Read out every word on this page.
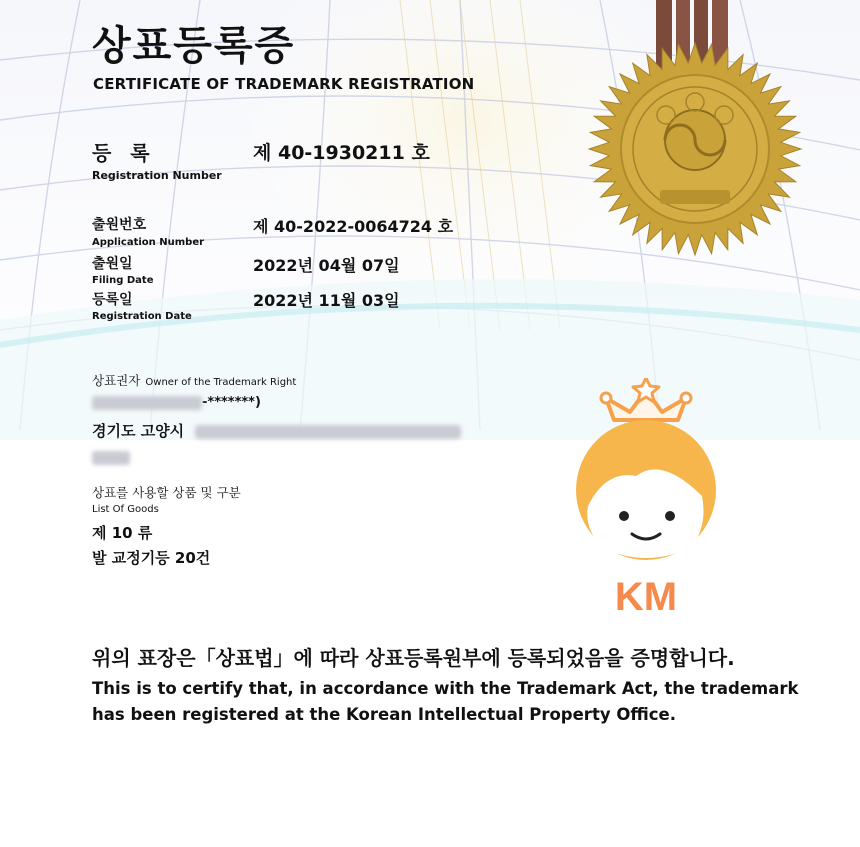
상표등록증
CERTIFICATE OF TRADEMARK REGISTRATION
등 록
Registration Number
제 40-1930211 호
출원번호
Application Number
제 40-2022-0064724 호
출원일
Filing Date
2022년 04월 07일
등록일
Registration Date
2022년 11월 03일
상표권자 Owner of the Trademark Right
-*******)
경기도 고양시
상표를 사용할 상품 및 구분
List Of Goods
제 10 류
발 교정기등 20건
KM
위의 표장은「상표법」에 따라 상표등록원부에 등록되었음을 증명합니다.
This is to certify that, in accordance with the Trademark Act, the trademark
has been registered at the Korean Intellectual Property Office.
